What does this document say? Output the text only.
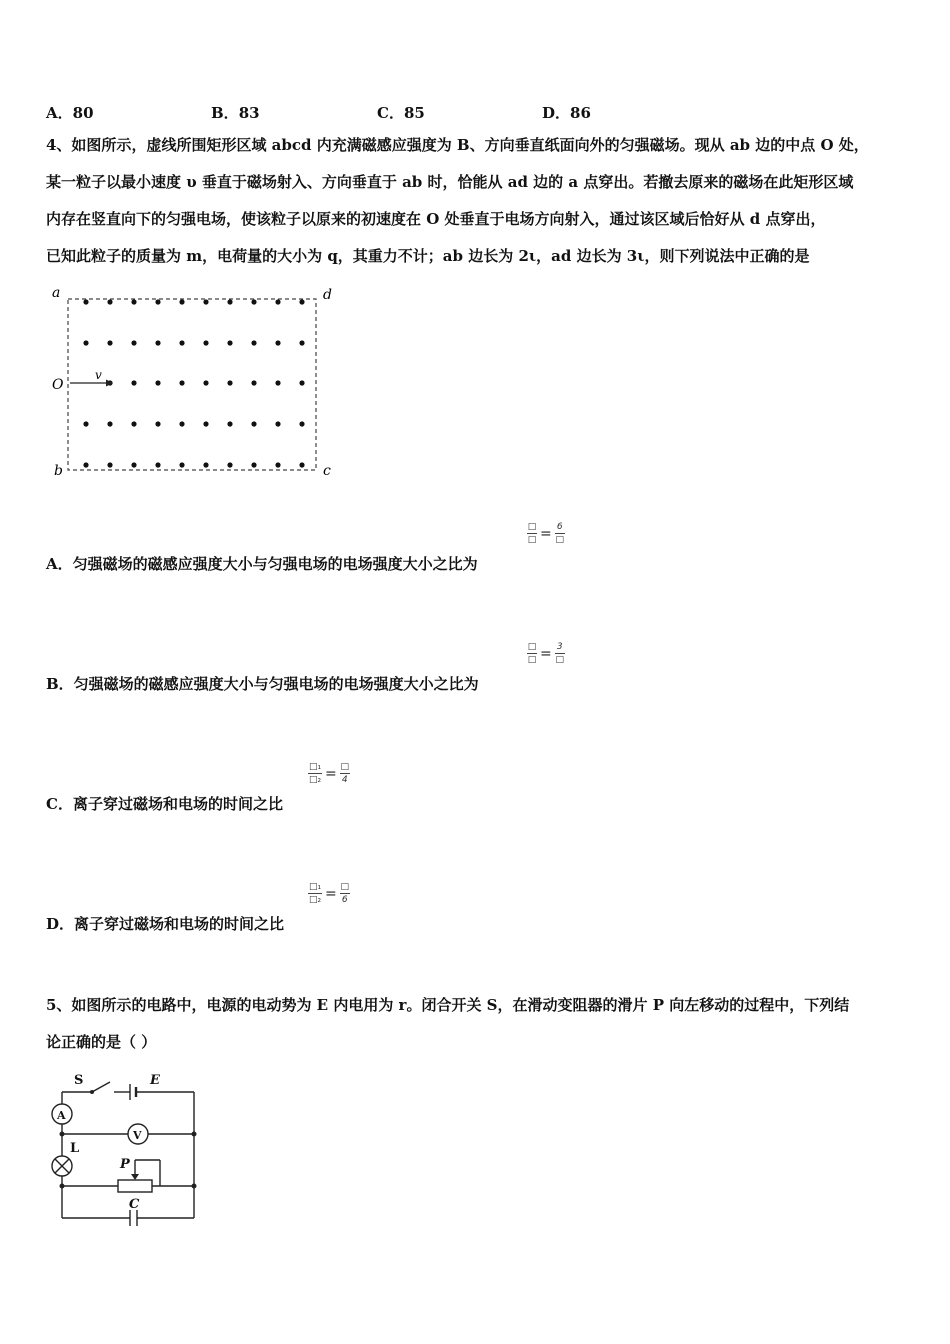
A．80	B．83	C．85	D．86
4、如图所示，虚线所围矩形区域 abcd 内充满磁感应强度为 B、方向垂直纸面向外的匀强磁场。现从 ab 边的中点 O 处，
某一粒子以最小速度 υ 垂直于磁场射入、方向垂直于 ab 时，恰能从 ad 边的 a 点穿出。若撤去原来的磁场在此矩形区域
内存在竖直向下的匀强电场，使该粒子以原来的初速度在 O 处垂直于电场方向射入，通过该区域后恰好从 d 点穿出，
已知此粒子的质量为 m，电荷量的大小为 q，其重力不计；ab 边长为 2ι，ad 边长为 3ι，则下列说法中正确的是
a	d
O
v
b	c
A．匀强磁场的磁感应强度大小与匀强电场的电场强度大小之比为
□
□ = 6
□
B．匀强磁场的磁感应强度大小与匀强电场的电场强度大小之比为
□
□ = 3
□
C．离子穿过磁场和电场的时间之比
□₁
□₂ = □
4
D．离子穿过磁场和电场的时间之比
□₁
□₂ = □
6
5、如图所示的电路中，电源的电动势为 E 内电用为 r。闭合开关 S，在滑动变阻器的滑片 P 向左移动的过程中，下列结
论正确的是（ ）
S	E
A
V
L
P
C
